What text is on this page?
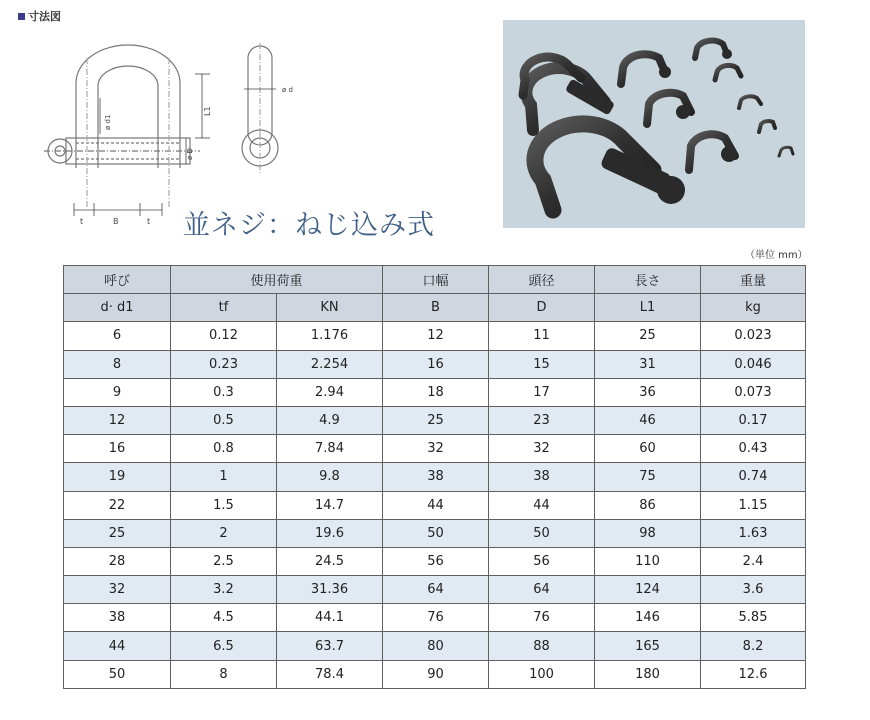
寸法図
t	B	t
ø d1
ø D
L1
ø d
並ネジ：ねじ込み式
（単位 mm）
呼び	使用荷重		口幅	頭径	長さ	重量
d· d1	tf	KN	B	D	L1	kg
6	0.12	1.176	12	11	25	0.023
8	0.23	2.254	16	15	31	0.046
9	0.3	2.94	18	17	36	0.073
12	0.5	4.9	25	23	46	0.17
16	0.8	7.84	32	32	60	0.43
19	1	9.8	38	38	75	0.74
22	1.5	14.7	44	44	86	1.15
25	2	19.6	50	50	98	1.63
28	2.5	24.5	56	56	110	2.4
32	3.2	31.36	64	64	124	3.6
38	4.5	44.1	76	76	146	5.85
44	6.5	63.7	80	88	165	8.2
50	8	78.4	90	100	180	12.6
